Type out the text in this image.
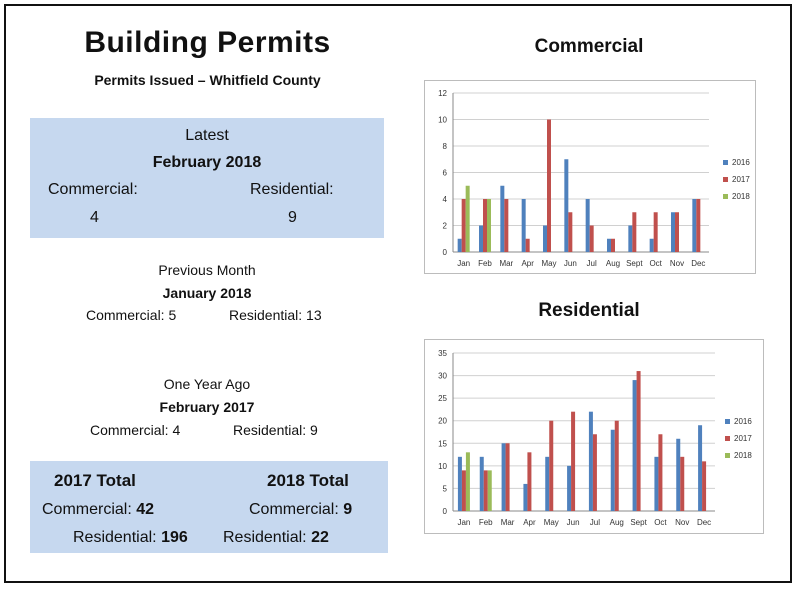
Building Permits
Permits Issued – Whitfield County
Latest
February 2018
Commercial:	Residential:
4	9
Previous Month
January 2018
Commercial: 5	Residential: 13
One Year Ago
February 2017
Commercial: 4	Residential: 9
2017 Total	2018 Total
Commercial: 42	Commercial: 9
Residential: 196 Residential: 22
Commercial
0
2
4
6
8
10
12
Jan Feb Mar Apr May Jun Jul Aug Sept Oct Nov Dec
2016
2017
2018
Residential
0
5
10
15
20
25
30
35
Jan Feb Mar Apr May Jun Jul Aug Sept Oct Nov Dec
2016
2017
2018
